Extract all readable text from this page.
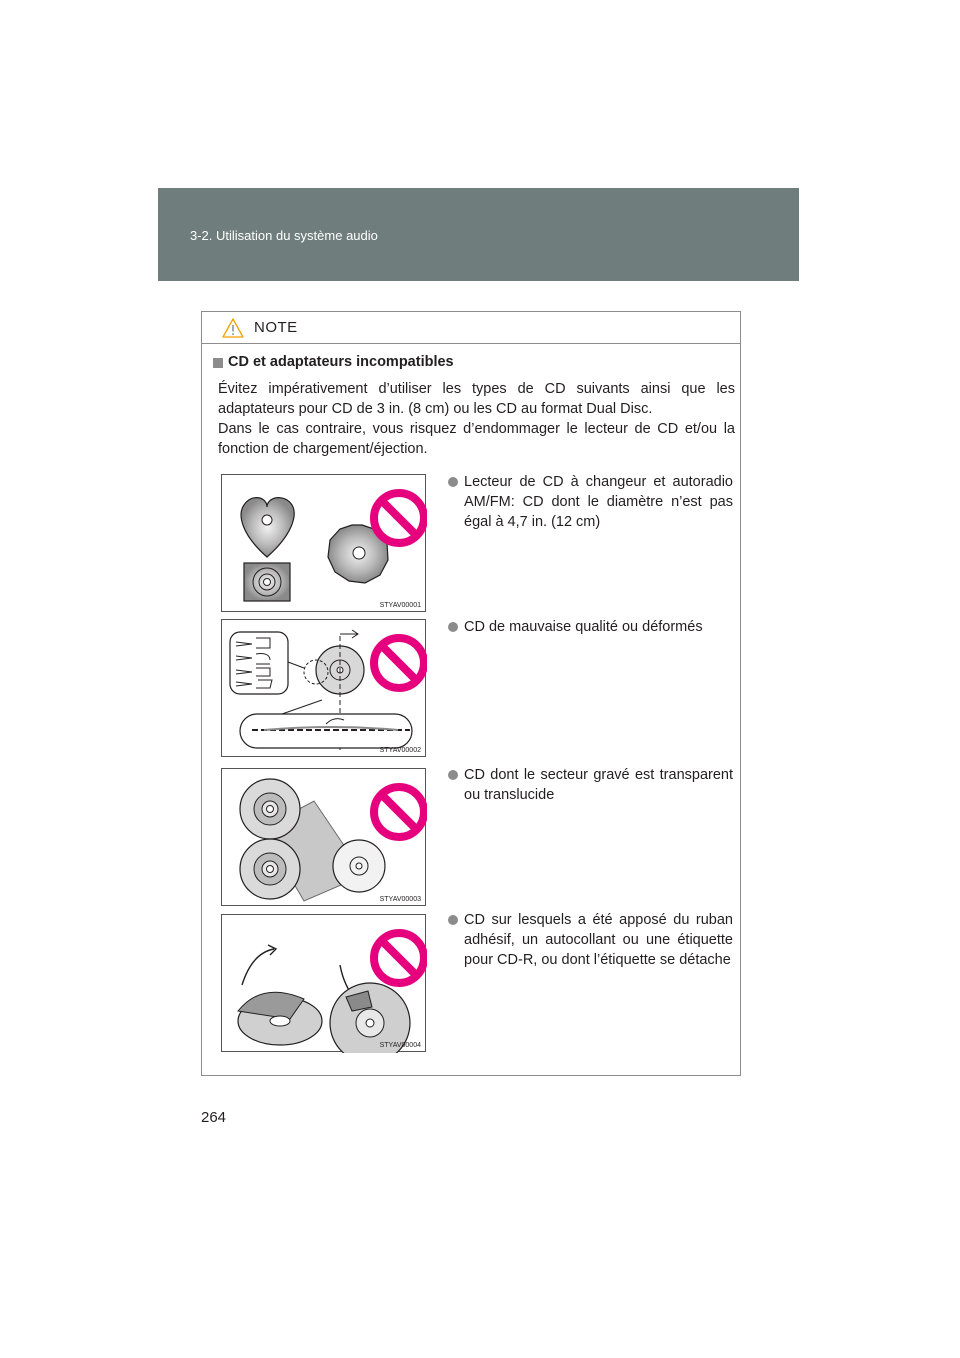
3-2. Utilisation du système audio
NOTE
CD et adaptateurs incompatibles

Évitez impérativement d’utiliser les types de CD suivants ainsi que les

adaptateurs pour CD de 3 in. (8 cm) ou les CD au format Dual Disc.

Dans le cas contraire, vous risquez d’endommager le lecteur de CD et/ou la fonction de chargement/éjection.

STYAV00001
Lecteur de CD à changeur et autoradio AM/FM: CD dont le diamètre n’est pas égal à 4,7 in. (12 cm)
STYAV00002
CD de mauvaise qualité ou déformés
STYAV00003
CD dont le secteur gravé est transparent ou translucide
STYAV00004
CD sur lesquels a été apposé du ruban adhésif, un autocollant ou une étiquette pour CD-R, ou dont l’étiquette se détache
264
